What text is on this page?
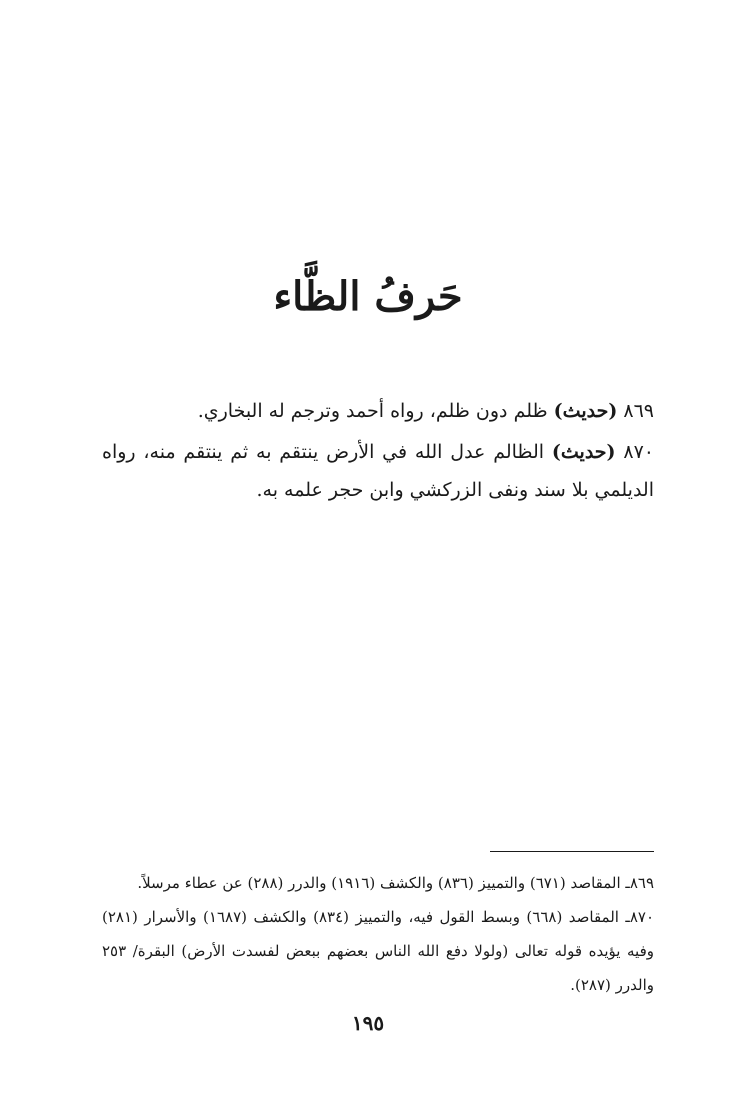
حَرفُ الظَّاء

٨٦٩ (حديث) ظلم دون ظلم، رواه أحمد وترجم له البخاري.

٨٧٠ (حديث) الظالم عدل الله في الأرض ينتقم به ثم ينتقم منه، رواه الديلمي بلا سند ونفى الزركشي وابن حجر علمه به.

٨٦٩ـ المقاصد (٦٧١) والتمييز (٨٣٦) والكشف (١٩١٦) والدرر (٢٨٨) عن عطاء مرسلاً.

٨٧٠ـ المقاصد (٦٦٨) وبسط القول فيه، والتمييز (٨٣٤) والكشف (١٦٨٧) والأسرار (٢٨١) وفيه يؤيده قوله تعالى (ولولا دفع الله الناس بعضهم ببعض لفسدت الأرض) البقرة/ ٢٥٣ والدرر (٢٨٧).

١٩٥
